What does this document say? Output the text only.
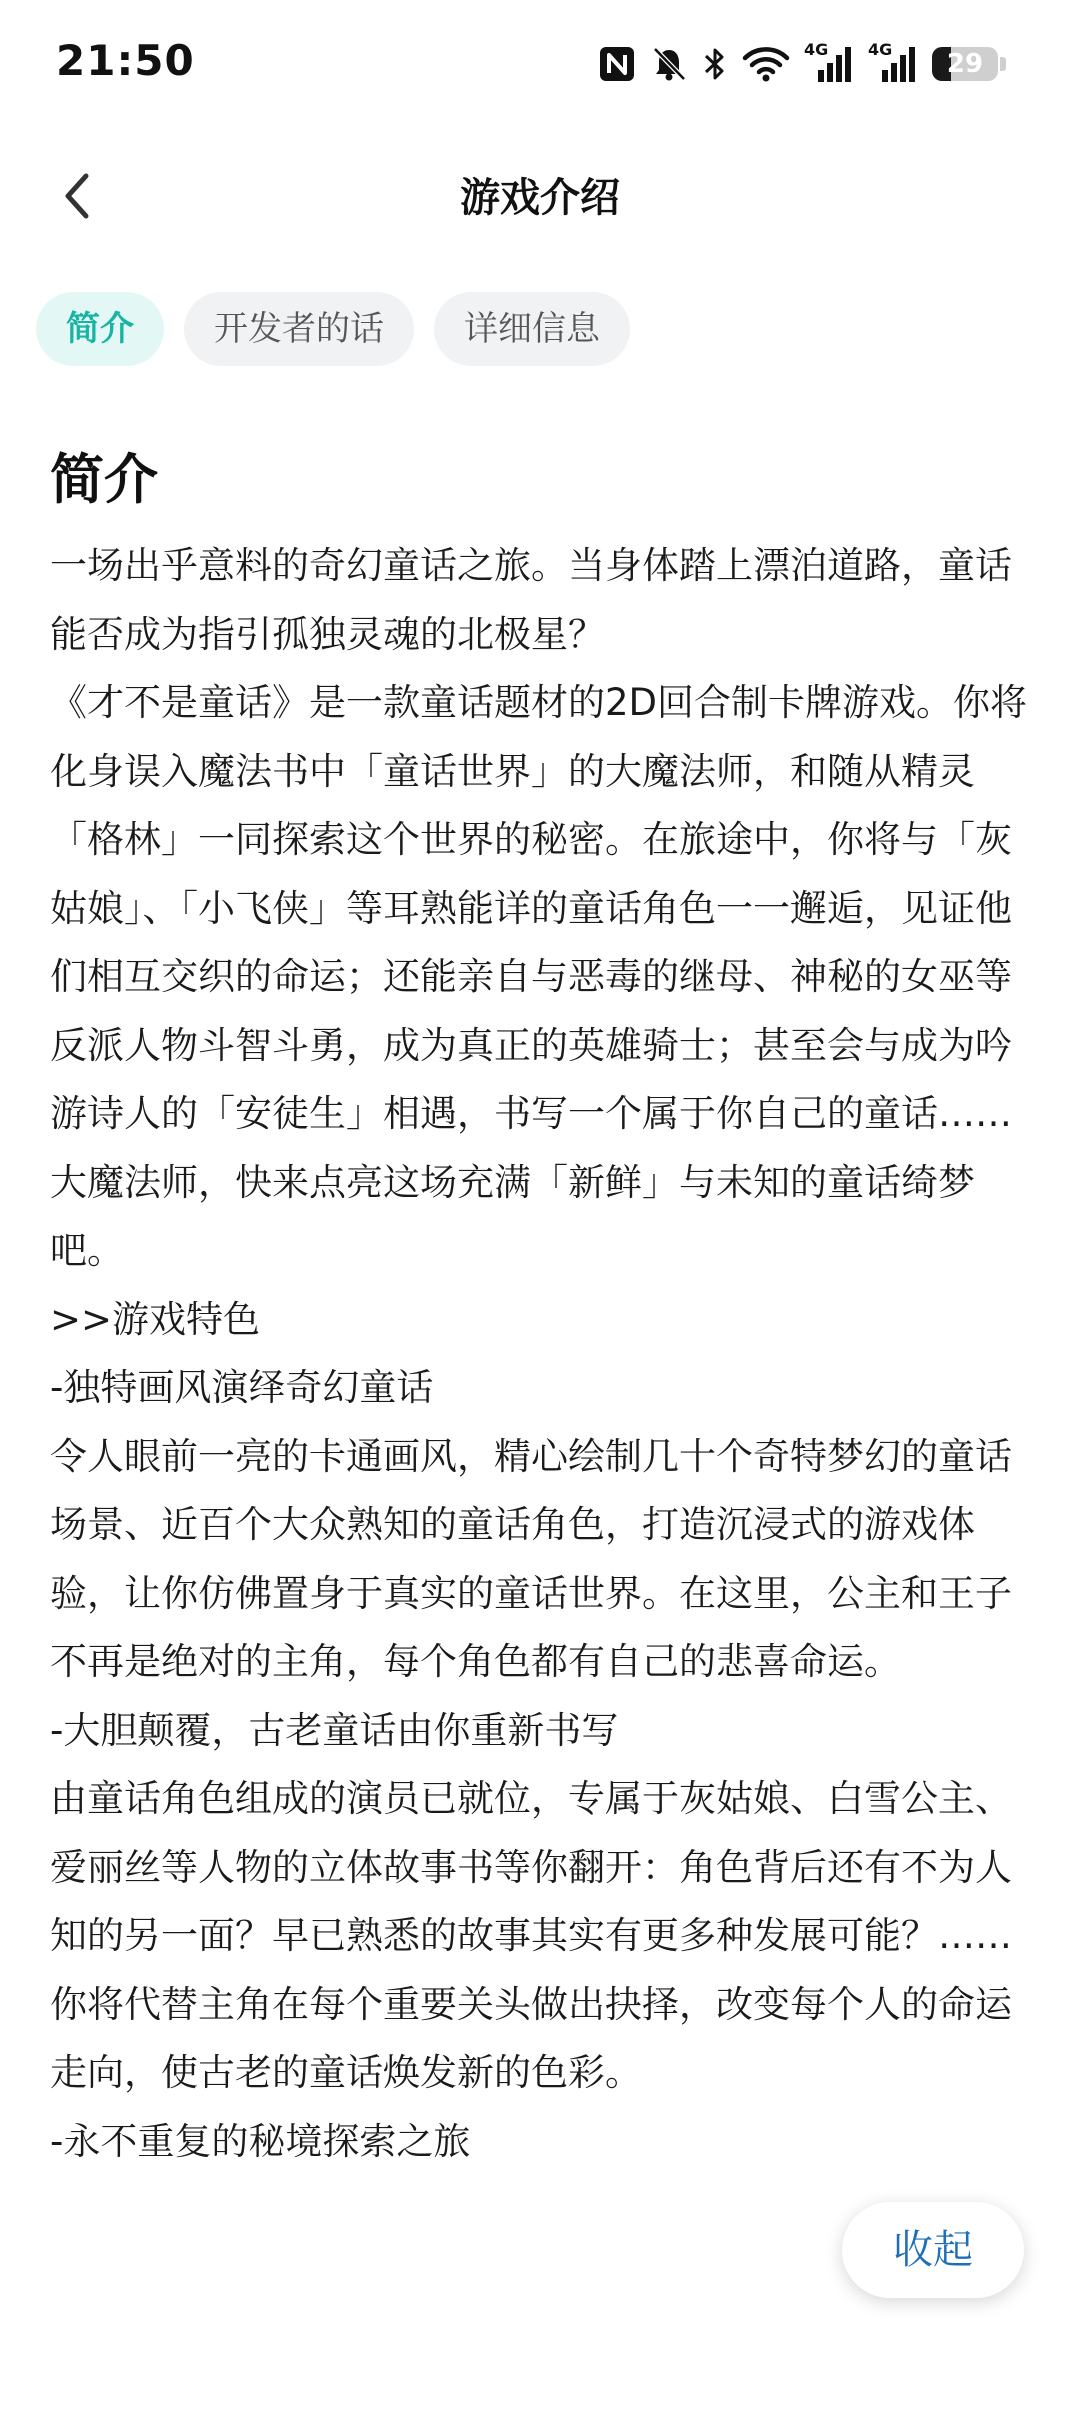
21:50	4G 4G	29
游戏介绍
简介	开发者的话	详细信息
简介
一场出乎意料的奇幻童话之旅。当身体踏上漂泊道路，童话能否成为指引孤独灵魂的北极星？
《才不是童话》是一款童话题材的2D回合制卡牌游戏。你将化身误入魔法书中「童话世界」的大魔法师，和随从精灵「格林」一同探索这个世界的秘密。在旅途中，你将与「灰姑娘」、「小飞侠」等耳熟能详的童话角色一一邂逅，见证他们相互交织的命运；还能亲自与恶毒的继母、神秘的女巫等反派人物斗智斗勇，成为真正的英雄骑士；甚至会与成为吟游诗人的「安徒生」相遇，书写一个属于你自己的童话……
大魔法师，快来点亮这场充满「新鲜」与未知的童话绮梦吧。
>>游戏特色
-独特画风演绎奇幻童话
令人眼前一亮的卡通画风，精心绘制几十个奇特梦幻的童话场景、近百个大众熟知的童话角色，打造沉浸式的游戏体验，让你仿佛置身于真实的童话世界。在这里，公主和王子不再是绝对的主角，每个角色都有自己的悲喜命运。
-大胆颠覆，古老童话由你重新书写
由童话角色组成的演员已就位，专属于灰姑娘、白雪公主、爱丽丝等人物的立体故事书等你翻开：角色背后还有不为人知的另一面？早已熟悉的故事其实有更多种发展可能？……你将代替主角在每个重要关头做出抉择，改变每个人的命运走向，使古老的童话焕发新的色彩。
-永不重复的秘境探索之旅
收起
